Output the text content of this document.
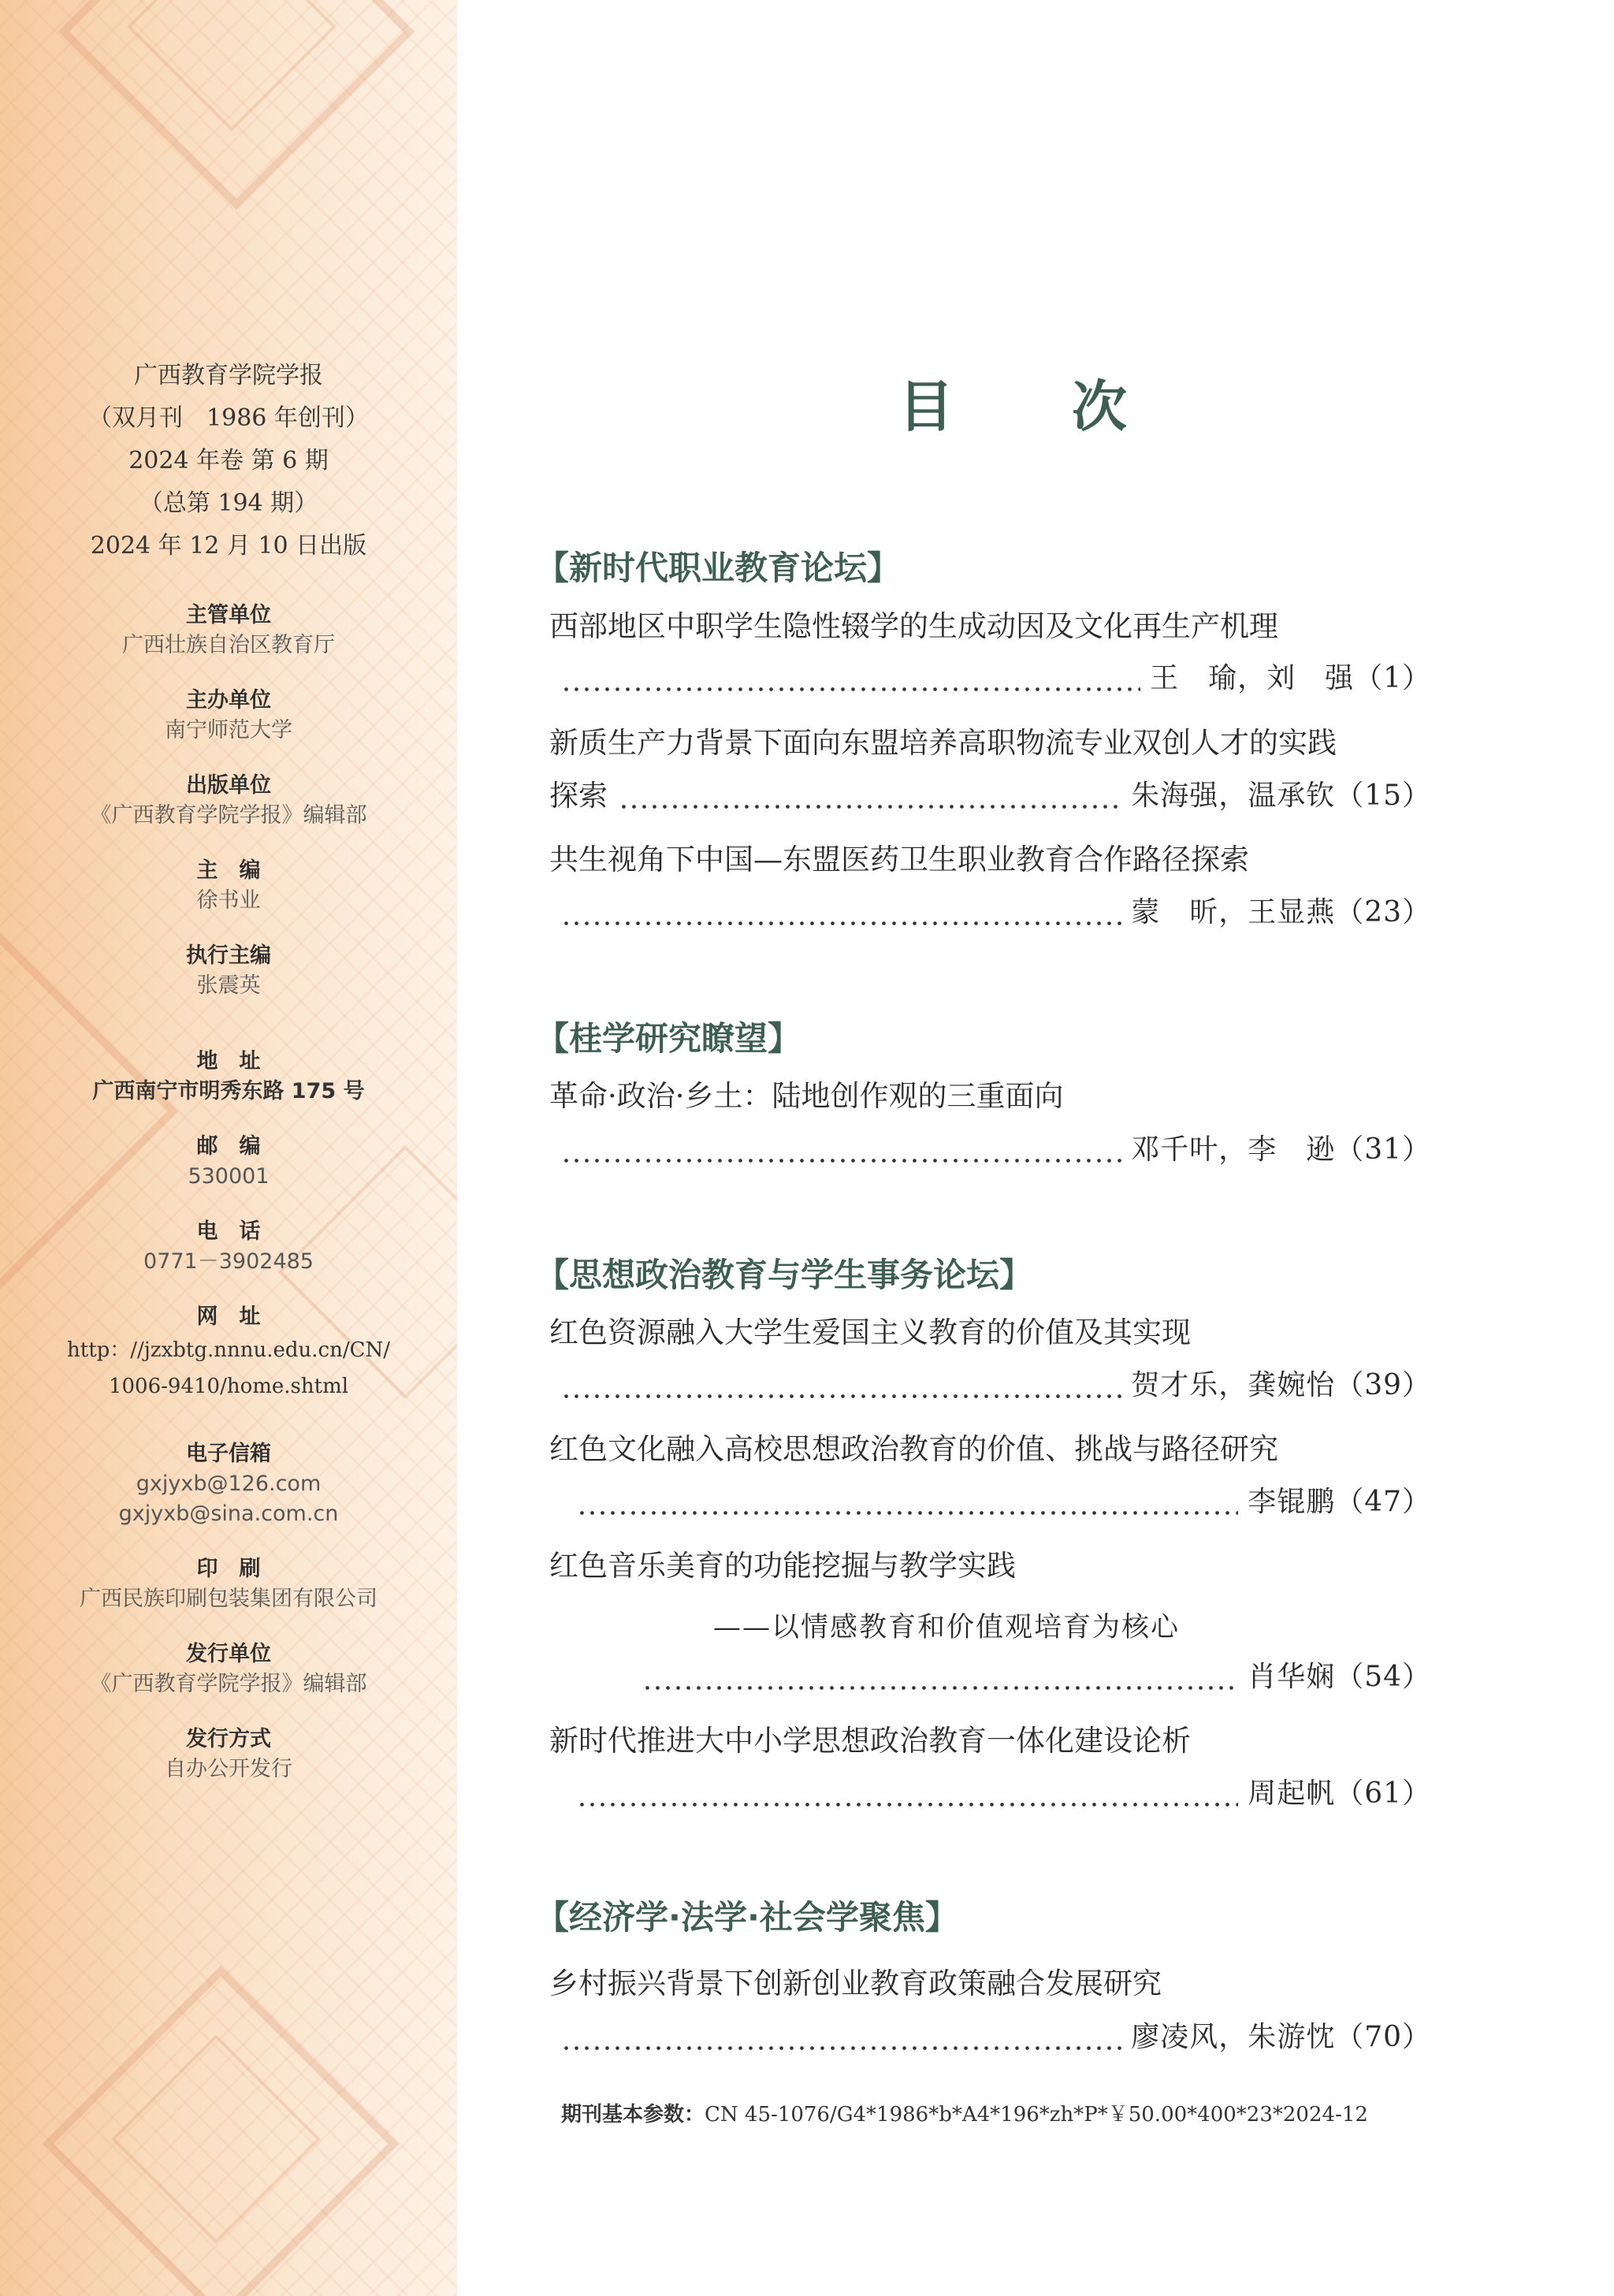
广西教育学院学报
（双月刊　1986 年创刊）
2024 年卷 第 6 期
（总第 194 期）
2024 年 12 月 10 日出版
主管单位
广西壮族自治区教育厅
主办单位
南宁师范大学
出版单位
《广西教育学院学报》编辑部
主　编
徐书业
执行主编
张震英
地　址
广西南宁市明秀东路 175 号
邮　编
530001
电　话
0771－3902485
网　址
http：//jzxbtg.nnnu.edu.cn/CN/
1006-9410/home.shtml
电子信箱
gxjyxb@126.com
gxjyxb@sina.com.cn
印　刷
广西民族印刷包装集团有限公司
发行单位
《广西教育学院学报》编辑部
发行方式
自办公开发行
目次
【新时代职业教育论坛】
西部地区中职学生隐性辍学的生成动因及文化再生产机理
王　瑜，刘　强（1）
新质生产力背景下面向东盟培养高职物流专业双创人才的实践
探索	朱海强，温承钦（15）
共生视角下中国—东盟医药卫生职业教育合作路径探索
蒙　昕，王显燕（23）
【桂学研究瞭望】
革命·政治·乡土：陆地创作观的三重面向
邓千叶，李　逊（31）
【思想政治教育与学生事务论坛】
红色资源融入大学生爱国主义教育的价值及其实现
贺才乐，龚婉怡（39）
红色文化融入高校思想政治教育的价值、挑战与路径研究
李锟鹏（47）
红色音乐美育的功能挖掘与教学实践
——以情感教育和价值观培育为核心
肖华娴（54）
新时代推进大中小学思想政治教育一体化建设论析
周起帆（61）
【经济学·法学·社会学聚焦】
乡村振兴背景下创新创业教育政策融合发展研究
廖凌风，朱游忱（70）
期刊基本参数：CN 45-1076/G4*1986*b*A4*196*zh*P*￥50.00*400*23*2024-12
